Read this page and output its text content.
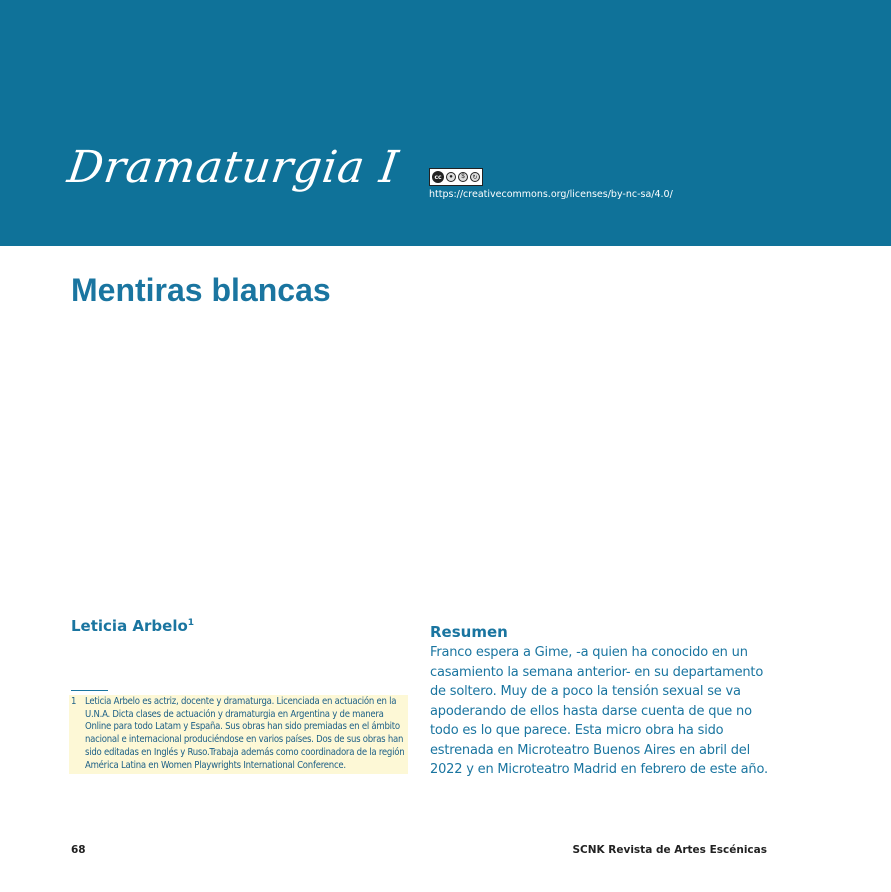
Dramaturgia I	cc	●	$	↻
https://creativecommons.org/licenses/by-nc-sa/4.0/
Mentiras blancas
Leticia Arbelo$^1$
1 Leticia Arbelo es actriz, docente y dramaturga. Licenciada en actuación en la U.N.A. Dicta clases de actuación y dramaturgia en Argentina y de manera Online para todo Latam y España. Sus obras han sido premiadas en el ámbito nacional e internacional produciéndose en varios países. Dos de sus obras han sido editadas en Inglés y Ruso.Trabaja además como coordinadora de la región América Latina en Women Playwrights International Conference.
Resumen
Franco espera a Gime, -a quien ha conocido en un casamiento la semana anterior- en su departamento de soltero. Muy de a poco la tensión sexual se va apoderando de ellos hasta darse cuenta de que no todo es lo que parece. Esta micro obra ha sido estrenada en Microteatro Buenos Aires en abril del 2022 y en Microteatro Madrid en febrero de este año.
68	SCNK Revista de Artes Escénicas
